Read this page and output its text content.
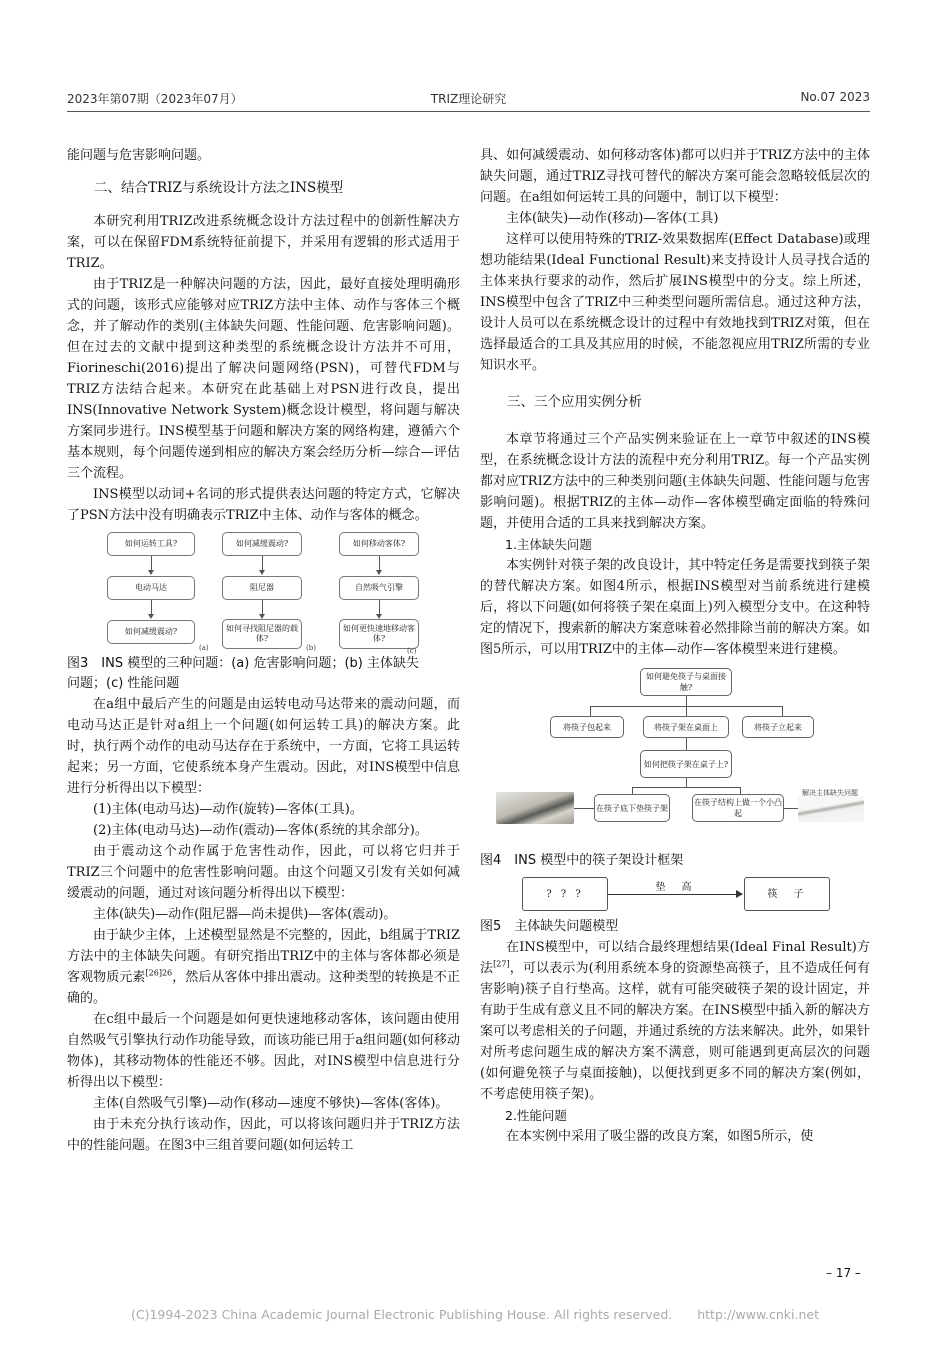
2023年第07期（2023年07月）	TRIZ理论研究	No.07 2023

能问题与危害影响问题。

二、结合TRIZ与系统设计方法之INS模型

本研究利用TRIZ改进系统概念设计方法过程中的创新性解决方案，可以在保留FDM系统特征前提下，并采用有逻辑的形式适用于TRIZ。

由于TRIZ是一种解决问题的方法，因此，最好直接处理明确形式的问题，该形式应能够对应TRIZ方法中主体、动作与客体三个概念，并了解动作的类别(主体缺失问题、性能问题、危害影响问题)。但在过去的文献中提到这种类型的系统概念设计方法并不可用，Fiorineschi(2016)提出了解决问题网络(PSN)，可替代FDM与TRIZ方法结合起来。本研究在此基础上对PSN进行改良，提出INS(Innovative Network System)概念设计模型，将问题与解决方案同步进行。INS模型基于问题和解决方案的网络构建，遵循六个基本规则，每个问题传递到相应的解决方案会经历分析—综合—评估三个流程。

INS模型以动词+名词的形式提供表达问题的特定方式，它解决了PSN方法中没有明确表示TRIZ中主体、动作与客体的概念。

如何运转工具?
电动马达
如何减缓震动?
(a)
如何减缓震动?
阻尼器
如何寻找阻尼器的载体?
(b)
如何移动客体?
自然吸气引擎
如何更快速地移动客体?
(c)

图3　INS 模型的三种问题：(a) 危害影响问题；(b) 主体缺失

问题；(c) 性能问题

在a组中最后产生的问题是由运转电动马达带来的震动问题，而电动马达正是针对a组上一个问题(如何运转工具)的解决方案。此时，执行两个动作的电动马达存在于系统中，一方面，它将工具运转起来；另一方面，它使系统本身产生震动。因此，对INS模型中信息进行分析得出以下模型：

(1)主体(电动马达)—动作(旋转)—客体(工具)。

(2)主体(电动马达)—动作(震动)—客体(系统的其余部分)。

由于震动这个动作属于危害性动作，因此，可以将它归并于TRIZ三个问题中的危害性影响问题。由这个问题又引发有关如何减缓震动的问题，通过对该问题分析得出以下模型：

主体(缺失)—动作(阻尼器—尚未提供)—客体(震动)。

由于缺少主体，上述模型显然是不完整的，因此，b组属于TRIZ方法中的主体缺失问题。有研究指出TRIZ中的主体与客体都必须是客观物质元素$^{[26]26}$，然后从客体中排出震动。这种类型的转换是不正确的。

在c组中最后一个问题是如何更快速地移动客体，该问题由使用自然吸气引擎执行动作功能导致，而该功能已用于a组问题(如何移动物体)，其移动物体的性能还不够。因此，对INS模型中信息进行分析得出以下模型：

主体(自然吸气引擎)—动作(移动—速度不够快)—客体(客体)。

由于未充分执行该动作，因此，可以将该问题归并于TRIZ方法中的性能问题。在图3中三组首要问题(如何运转工

具、如何减缓震动、如何移动客体)都可以归并于TRIZ方法中的主体缺失问题，通过TRIZ寻找可替代的解决方案可能会忽略较低层次的问题。在a组如何运转工具的问题中，制订以下模型：

主体(缺失)—动作(移动)—客体(工具)

这样可以使用特殊的TRIZ-效果数据库(Effect Database)或理想功能结果(Ideal Functional Result)来支持设计人员寻找合适的主体来执行要求的动作，然后扩展INS模型中的分支。综上所述，INS模型中包含了TRIZ中三种类型问题所需信息。通过这种方法，设计人员可以在系统概念设计的过程中有效地找到TRIZ对策，但在选择最适合的工具及其应用的时候，不能忽视应用TRIZ所需的专业知识水平。

三、三个应用实例分析

本章节将通过三个产品实例来验证在上一章节中叙述的INS模型，在系统概念设计方法的流程中充分利用TRIZ。每一个产品实例都对应TRIZ方法中的三种类别问题(主体缺失问题、性能问题与危害影响问题)。根据TRIZ的主体—动作—客体模型确定面临的特殊问题，并使用合适的工具来找到解决方案。

1.主体缺失问题

本实例针对筷子架的改良设计，其中特定任务是需要找到筷子架的替代解决方案。如图4所示，根据INS模型对当前系统进行建模后，将以下问题(如何将筷子架在桌面上)列入模型分支中。在这种特定的情况下，搜索新的解决方案意味着必然排除当前的解决方案。如图5所示，可以用TRIZ中的主体—动作—客体模型来进行建模。

如何避免筷子与桌面接触?
将筷子包起来	将筷子架在桌面上	将筷子立起来
如何把筷子架在桌子上?
在筷子底下垫筷子架
在筷子结构上做一个小凸起
解决主体缺失问题

图4　INS 模型中的筷子架设计框架

? ? ?
垫　高
筷　子

图5　主体缺失问题模型

在INS模型中，可以结合最终理想结果(Ideal Final Result)方法[27]，可以表示为(利用系统本身的资源垫高筷子，且不造成任何有害影响)筷子自行垫高。这样，就有可能突破筷子架的设计固定，并有助于生成有意义且不同的解决方案。在INS模型中插入新的解决方案可以考虑相关的子问题，并通过系统的方法来解决。此外，如果针对所考虑问题生成的解决方案不满意，则可能遇到更高层次的问题(如何避免筷子与桌面接触)，以便找到更多不同的解决方案(例如，不考虑使用筷子架)。

2.性能问题

在本实例中采用了吸尘器的改良方案，如图5所示，使

– 17 –
(C)1994-2023 China Academic Journal Electronic Publishing House. All rights reserved.　　http://www.cnki.net
